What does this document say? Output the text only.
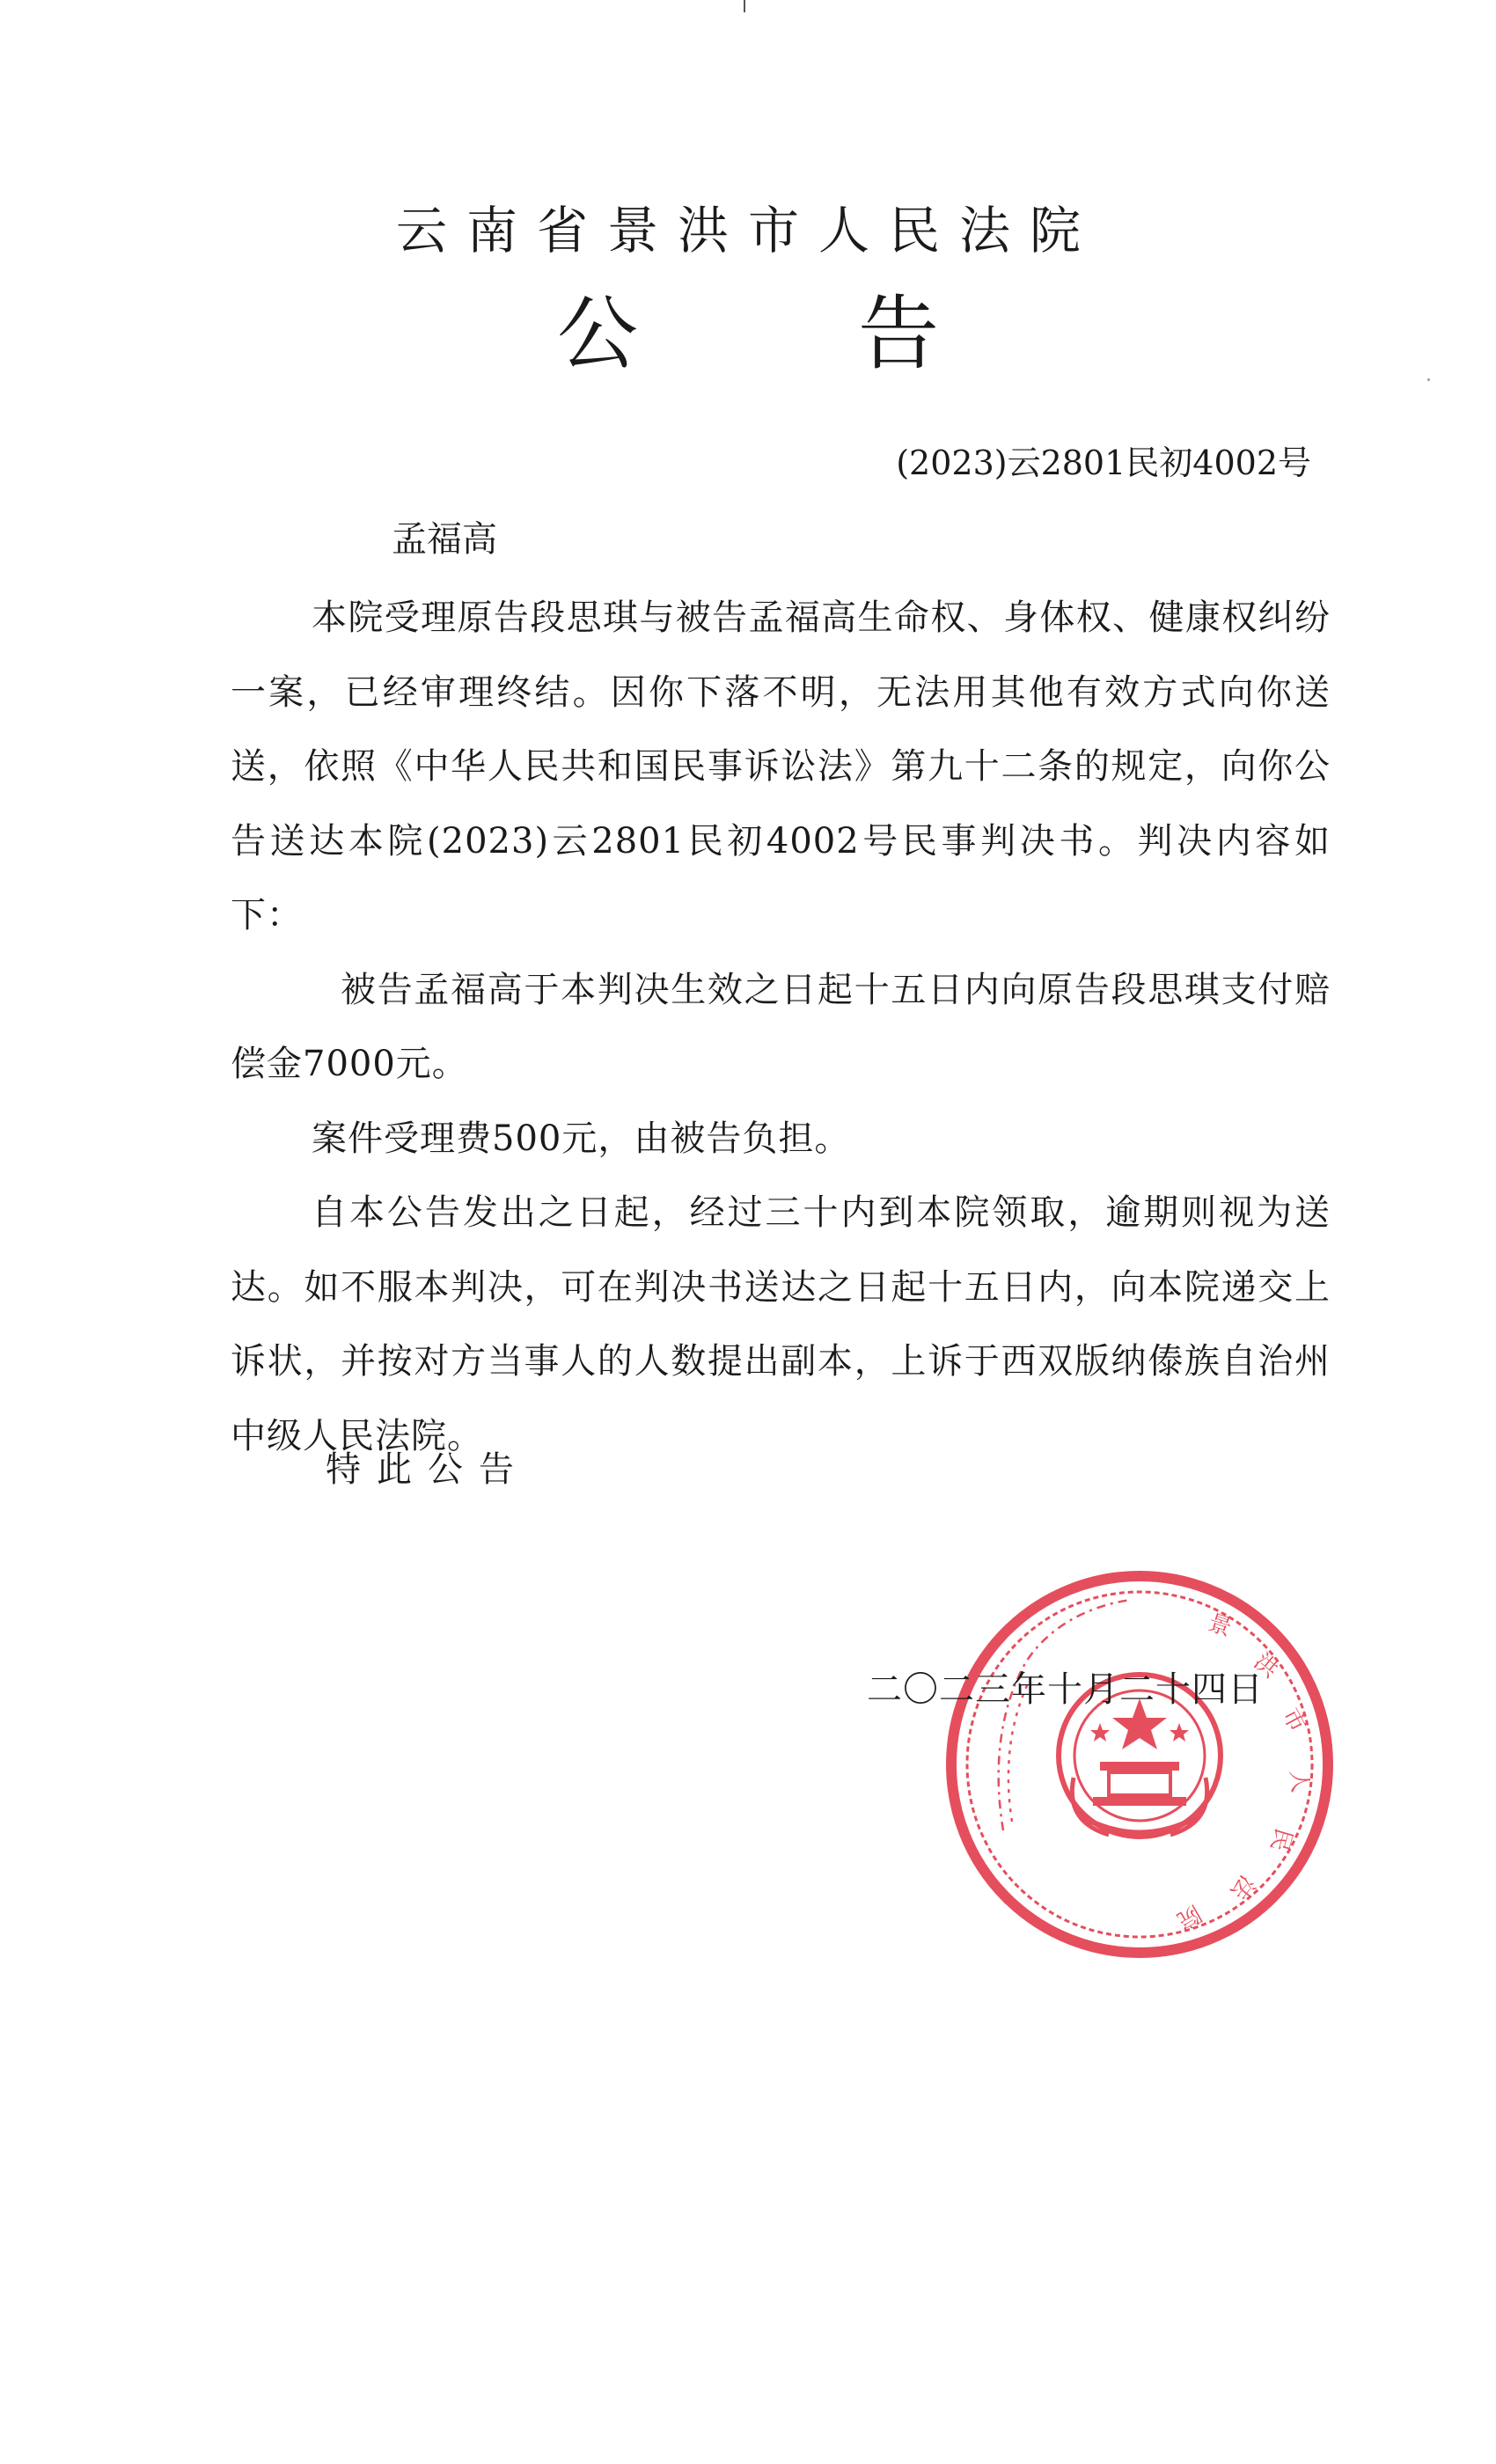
云南省景洪市人民法院
公	告
(2023)云2801民初4002号
孟福高

本院受理原告段思琪与被告孟福高生命权、身体权、健康权纠纷一案，已经审理终结。因你下落不明，无法用其他有效方式向你送送，依照《中华人民共和国民事诉讼法》第九十二条的规定，向你公告送达本院(2023)云2801民初4002号民事判决书。判决内容如下：

被告孟福高于本判决生效之日起十五日内向原告段思琪支付赔偿金7000元。

案件受理费500元，由被告负担。

自本公告发出之日起，经过三十内到本院领取，逾期则视为送达。如不服本判决，可在判决书送达之日起十五日内，向本院递交上诉状，并按对方当事人的人数提出副本，上诉于西双版纳傣族自治州中级人民法院。

特此公告
景
洪
市
人
民
法
院
二〇二三年十月二十四日
